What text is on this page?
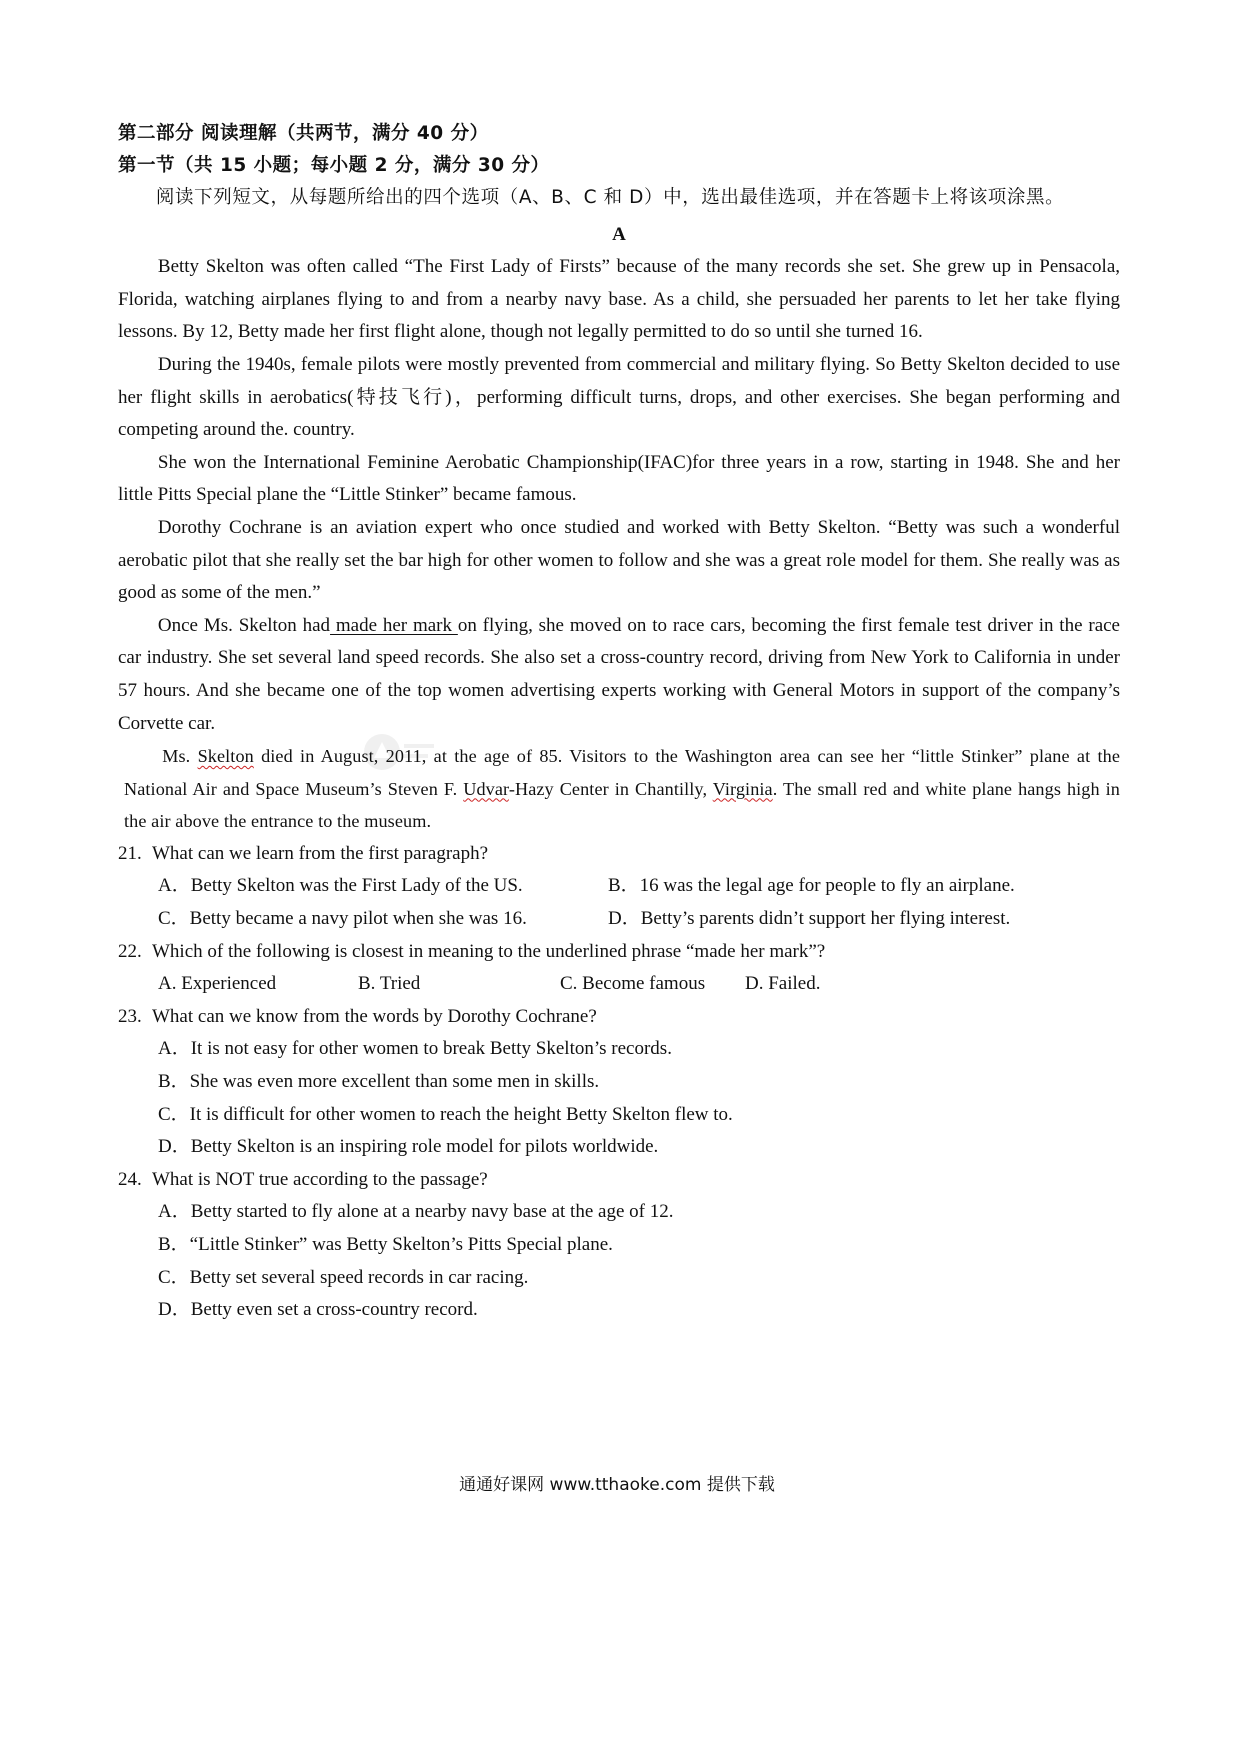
第二部分 阅读理解（共两节，满分 40 分）
第一节（共 15 小题；每小题 2 分，满分 30 分）
阅读下列短文，从每题所给出的四个选项（A、B、C 和 D）中，选出最佳选项，并在答题卡上将该项涂黑。
A

Betty Skelton was often called “The First Lady of Firsts” because of the many records she set. She grew up in Pensacola, Florida, watching airplanes flying to and from a nearby navy base. As a child, she persuaded her parents to let her take flying lessons. By 12, Betty made her first flight alone, though not legally permitted to do so until she turned 16.

During the 1940s, female pilots were mostly prevented from commercial and military flying. So Betty Skelton decided to use her flight skills in aerobatics(特技飞行)，performing difficult turns, drops, and other exercises. She began performing and competing around the. country.

She won the International Feminine Aerobatic Championship(IFAC)for three years in a row, starting in 1948. She and her little Pitts Special plane the “Little Stinker” became famous.

Dorothy Cochrane is an aviation expert who once studied and worked with Betty Skelton. “Betty was such a wonderful aerobatic pilot that she really set the bar high for other women to follow and she was a great role model for them. She really was as good as some of the men.”

Once Ms. Skelton had made her mark on flying, she moved on to race cars, becoming the first female test driver in the race car industry. She set several land speed records. She also set a cross-country record, driving from New York to California in under 57 hours. And she became one of the top women advertising experts working with General Motors in support of the company’s Corvette car.

Ms. Skelton died in August, 2011, at the age of 85. Visitors to the Washington area can see her “little Stinker” plane at the National Air and Space Museum’s Steven F. Udvar-Hazy Center in Chantilly, Virginia. The small red and white plane hangs high in the air above the entrance to the museum.

21. What can we learn from the first paragraph?
A．Betty Skelton was the First Lady of the US.	B．16 was the legal age for people to fly an airplane.
C．Betty became a navy pilot when she was 16.	D．Betty’s parents didn’t support her flying interest.
22. Which of the following is closest in meaning to the underlined phrase “made her mark”?
A. Experienced	B. Tried	C. Become famous	D. Failed.
23. What can we know from the words by Dorothy Cochrane?
A．It is not easy for other women to break Betty Skelton’s records.
B．She was even more excellent than some men in skills.
C．It is difficult for other women to reach the height Betty Skelton flew to.
D．Betty Skelton is an inspiring role model for pilots worldwide.
24. What is NOT true according to the passage?
A．Betty started to fly alone at a nearby navy base at the age of 12.
B．“Little Stinker” was Betty Skelton’s Pitts Special plane.
C．Betty set several speed records in car racing.
D．Betty even set a cross-country record.
通通好课网 www.tthaoke.com 提供下载
